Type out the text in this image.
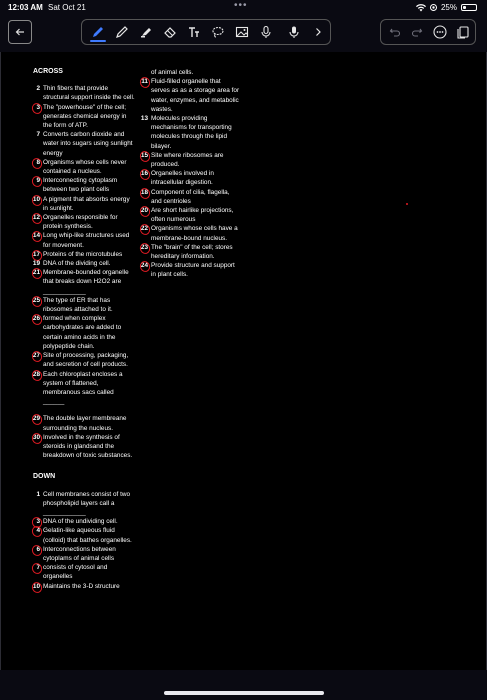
12:03 AM Sat Oct 21	•••	25%
ACROSS
2 Thin fibers that provide structural support inside the cell.
3 The "powerhouse" of the cell; generates chemical energy in the form of ATP.
7 Converts carbon dioxide and water into sugars using sunlight energy
8 Organisms whose cells never contained a nucleus.
9 Interconnecting cytoplasm between two plant cells
10 A pigment that absorbs energy in sunlight.
12 Organelles responsible for protein synthesis.
14 Long whip-like structures used for movement.
17 Proteins of the microtubules
19 DNA of the dividing cell.
21 Membrane-bounded organelle that breaks down H2O2 are ____________
25 The type of ER that has ribosomes attached to it.
26 formed when complex carbohydrates are added to certain amino acids in the polypeptide chain.
27 Site of processing, packaging, and secretion of cell products.
28 Each chloroplast encloses a system of flattened, membranous sacs called ______
29 The double layer membreane surrounding the nucleus.
30 Involved in the synthesis of steroids in glandsand the breakdown of toxic substances.
DOWN
1 Cell membranes consist of two phospholipid layers call a ____________
3 DNA of the undividing cell.
4 Gelatin-like aqueous fluid (colloid) that bathes organelles.
6 Interconnections between cytoplams of animal cells
7 consists of cytosol and organelles
10 Maintains the 3-D structure
of animal cells.
11 Fluid-filled organelle that serves as as a storage area for water, enzymes, and metabolic wastes.
13 Molecules providing mechanisms for transporting molecules through the lipid bilayer.
15 Site where ribosomes are produced.
16 Organelles involved in intracellular digestion.
18 Component of cilia, flagella, and centrioles
20 Are short hairlike projections, often numerous
22 Organisms whose cells have a membrane-bound nucleus.
23 The "brain" of the cell; stores hereditary information.
24 Provide structure and support in plant cells.
